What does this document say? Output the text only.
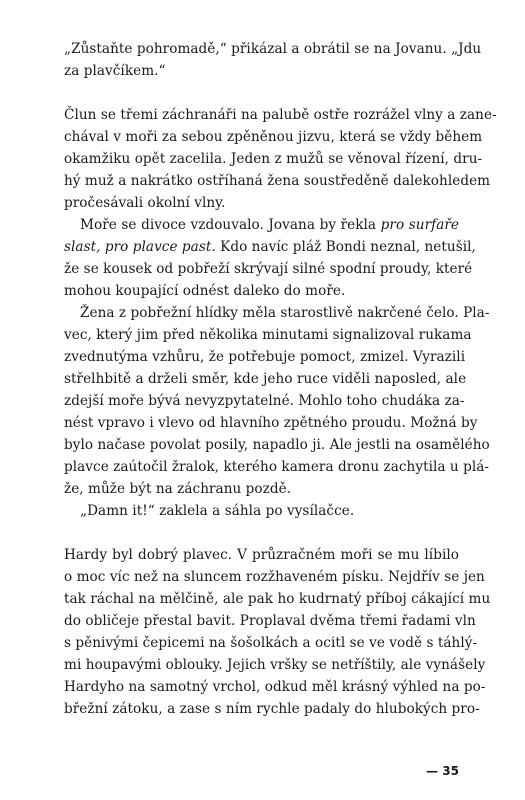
„Zůstaňte pohromadě,“ přikázal a obrátil se na Jovanu. „Jdu
za plavčíkem.“
Člun se třemi záchranáři na palubě ostře rozrážel vlny a zane-
chával v moři za sebou zpěněnou jizvu, která se vždy během
okamžiku opět zacelila. Jeden z mužů se věnoval řízení, dru-
hý muž a nakrátko ostříhaná žena soustředěně dalekohledem
pročesávali okolní vlny.
Moře se divoce vzdouvalo. Jovana by řekla pro surfaře
slast, pro plavce past. Kdo navíc pláž Bondi neznal, netušil,
že se kousek od pobřeží skrývají silné spodní proudy, které
mohou koupající odnést daleko do moře.
Žena z pobřežní hlídky měla starostlivě nakrčené čelo. Pla-
vec, který jim před několika minutami signalizoval rukama
zvednutýma vzhůru, že potřebuje pomoct, zmizel. Vyrazili
střelhbitě a drželi směr, kde jeho ruce viděli naposled, ale
zdejší moře bývá nevyzpytatelné. Mohlo toho chudáka za-
nést vpravo i vlevo od hlavního zpětného proudu. Možná by
bylo načase povolat posily, napadlo ji. Ale jestli na osamělého
plavce zaútočil žralok, kterého kamera dronu zachytila u plá-
že, může být na záchranu pozdě.
„Damn it!“ zaklela a sáhla po vysílačce.
Hardy byl dobrý plavec. V průzračném moři se mu líbilo
o moc víc než na sluncem rozžhaveném písku. Nejdřív se jen
tak ráchal na mělčině, ale pak ho kudrnatý příboj cákající mu
do obličeje přestal bavit. Proplaval dvěma třemi řadami vln
s pěnivými čepicemi na šošolkách a ocitl se ve vodě s táhlý-
mi houpavými oblouky. Jejich vršky se netříštily, ale vynášely
Hardyho na samotný vrchol, odkud měl krásný výhled na po-
břežní zátoku, a zase s ním rychle padaly do hlubokých pro-
— 35
